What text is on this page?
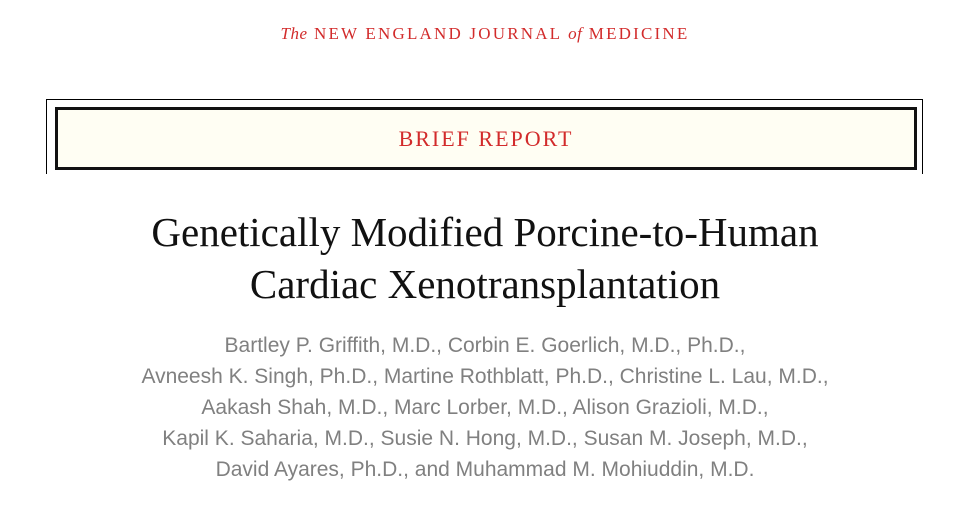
The NEW ENGLAND JOURNAL of MEDICINE
BRIEF REPORT
Genetically Modified Porcine-to-Human
Cardiac Xenotransplantation
Bartley P. Griffith, M.D., Corbin E. Goerlich, M.D., Ph.D.,
Avneesh K. Singh, Ph.D., Martine Rothblatt, Ph.D., Christine L. Lau, M.D.,
Aakash Shah, M.D., Marc Lorber, M.D., Alison Grazioli, M.D.,
Kapil K. Saharia, M.D., Susie N. Hong, M.D., Susan M. Joseph, M.D.,
David Ayares, Ph.D., and Muhammad M. Mohiuddin, M.D.
